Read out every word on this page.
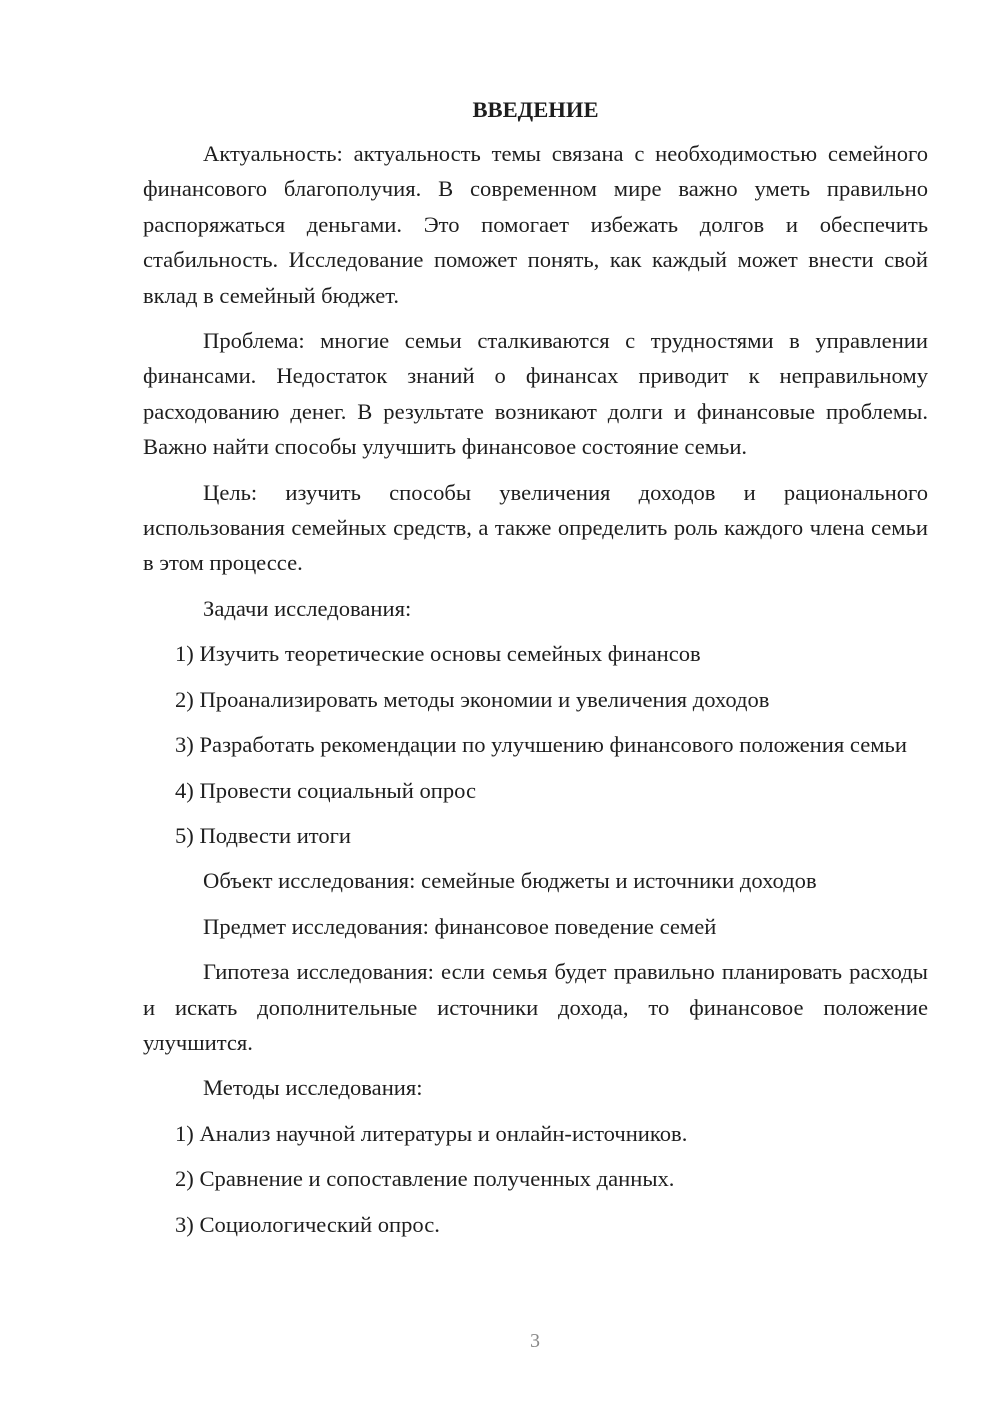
ВВЕДЕНИЕ

Актуальность: актуальность темы связана с необходимостью семейного финансового благополучия. В современном мире важно уметь правильно распоряжаться деньгами. Это помогает избежать долгов и обеспечить стабильность. Исследование поможет понять, как каждый может внести свой вклад в семейный бюджет.

Проблема: многие семьи сталкиваются с трудностями в управлении финансами. Недостаток знаний о финансах приводит к неправильному расходованию денег. В результате возникают долги и финансовые проблемы. Важно найти способы улучшить финансовое состояние семьи.

Цель: изучить способы увеличения доходов и рационального использования семейных средств, а также определить роль каждого члена семьи в этом процессе.

Задачи исследования:

1) Изучить теоретические основы семейных финансов

2) Проанализировать методы экономии и увеличения доходов

3) Разработать рекомендации по улучшению финансового положения семьи

4) Провести социальный опрос

5) Подвести итоги

Объект исследования: семейные бюджеты и источники доходов

Предмет исследования: финансовое поведение семей

Гипотеза исследования: если семья будет правильно планировать расходы и искать дополнительные источники дохода, то финансовое положение улучшится.

Методы исследования:

1) Анализ научной литературы и онлайн-источников.

2) Сравнение и сопоставление полученных данных.

3) Социологический опрос.

3
